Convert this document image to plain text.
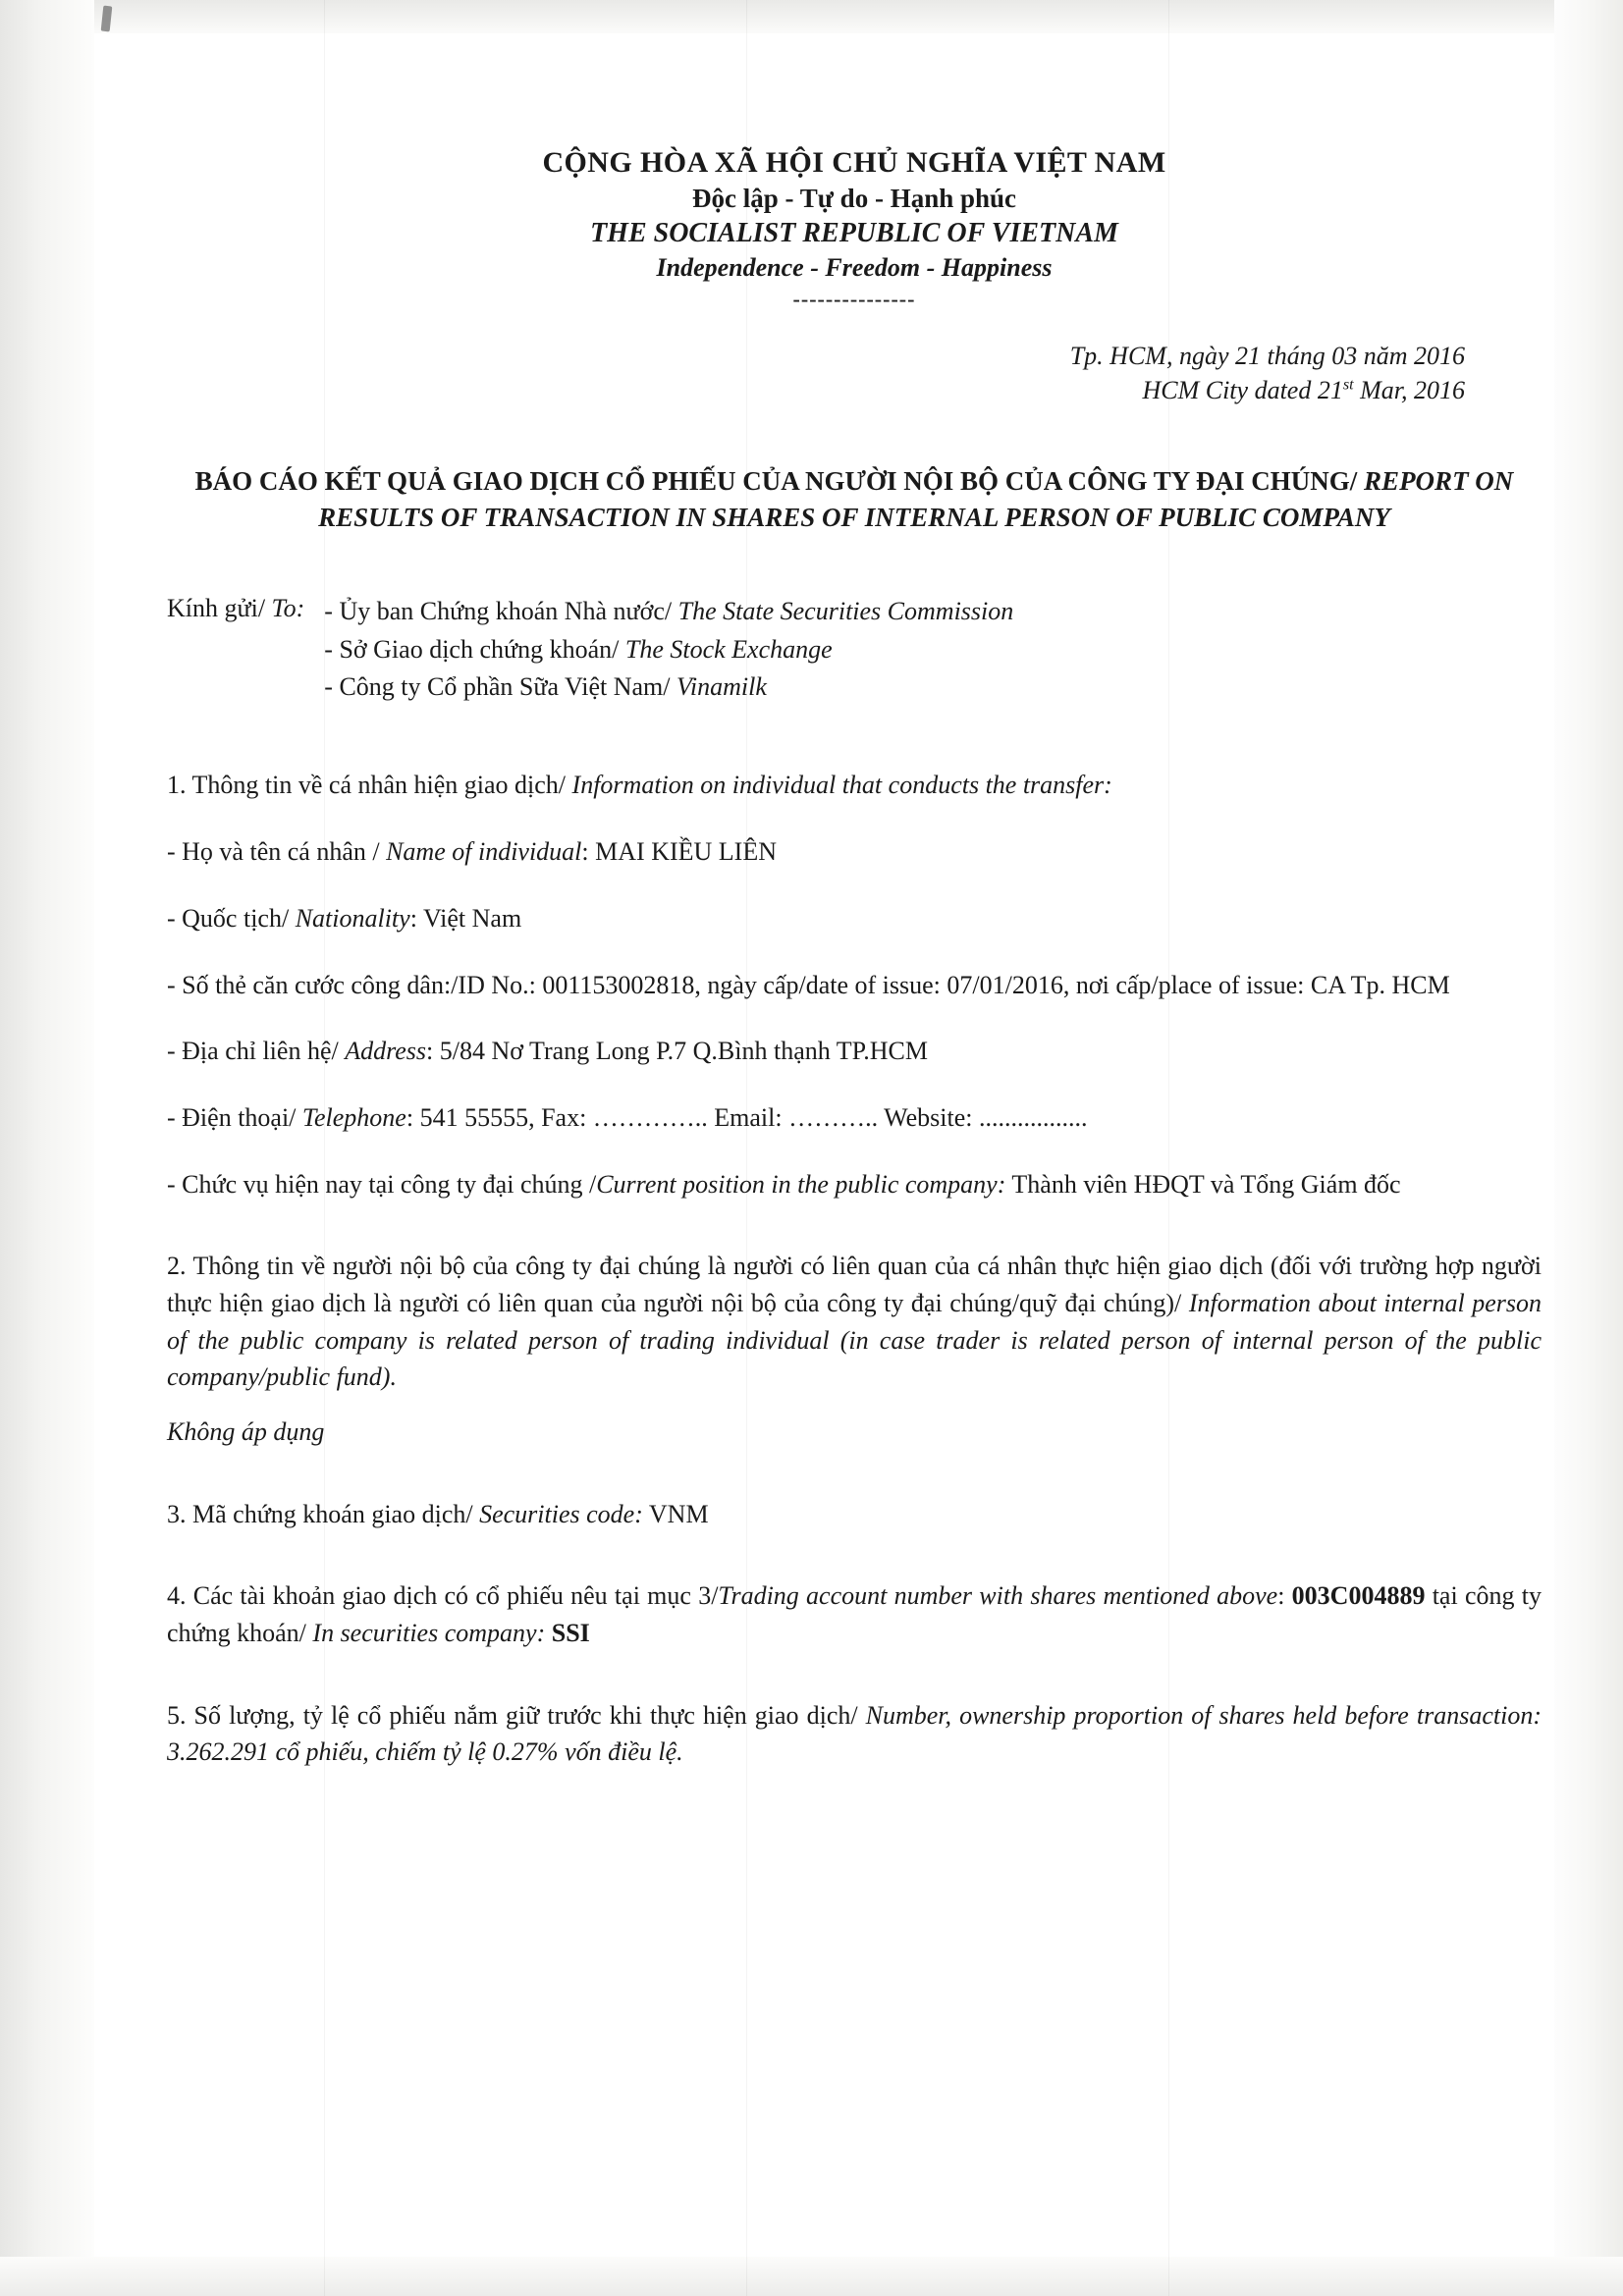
CỘNG HÒA XÃ HỘI CHỦ NGHĨA VIỆT NAM
Độc lập - Tự do - Hạnh phúc
THE SOCIALIST REPUBLIC OF VIETNAM
Independence - Freedom - Happiness
---------------
Tp. HCM, ngày 21 tháng 03 năm 2016
HCM City dated 21st Mar, 2016
BÁO CÁO KẾT QUẢ GIAO DỊCH CỔ PHIẾU CỦA NGƯỜI NỘI BỘ CỦA CÔNG TY ĐẠI CHÚNG/ REPORT ON RESULTS OF TRANSACTION IN SHARES OF INTERNAL PERSON OF PUBLIC COMPANY
Kính gửi/ To: - Ủy ban Chứng khoán Nhà nước/ The State Securities Commission
- Sở Giao dịch chứng khoán/ The Stock Exchange
- Công ty Cổ phần Sữa Việt Nam/ Vinamilk
1. Thông tin về cá nhân hiện giao dịch/ Information on individual that conducts the transfer:
- Họ và tên cá nhân / Name of individual: MAI KIỀU LIÊN
- Quốc tịch/ Nationality: Việt Nam
- Số thẻ căn cước công dân:/ID No.: 001153002818, ngày cấp/date of issue: 07/01/2016, nơi cấp/place of issue: CA Tp. HCM
- Địa chỉ liên hệ/ Address: 5/84 Nơ Trang Long P.7 Q.Bình thạnh TP.HCM
- Điện thoại/ Telephone: 541 55555, Fax: ………….. Email: ……….. Website: .................
- Chức vụ hiện nay tại công ty đại chúng /Current position in the public company: Thành viên HĐQT và Tổng Giám đốc
2. Thông tin về người nội bộ của công ty đại chúng là người có liên quan của cá nhân thực hiện giao dịch (đối với trường hợp người thực hiện giao dịch là người có liên quan của người nội bộ của công ty đại chúng/quỹ đại chúng)/ Information about internal person of the public company is related person of trading individual (in case trader is related person of internal person of the public company/public fund).
Không áp dụng
3. Mã chứng khoán giao dịch/ Securities code: VNM
4. Các tài khoản giao dịch có cổ phiếu nêu tại mục 3/Trading account number with shares mentioned above: 003C004889 tại công ty chứng khoán/ In securities company: SSI
5. Số lượng, tỷ lệ cổ phiếu nắm giữ trước khi thực hiện giao dịch/ Number, ownership proportion of shares held before transaction: 3.262.291 cổ phiếu, chiếm tỷ lệ 0.27% vốn điều lệ.
